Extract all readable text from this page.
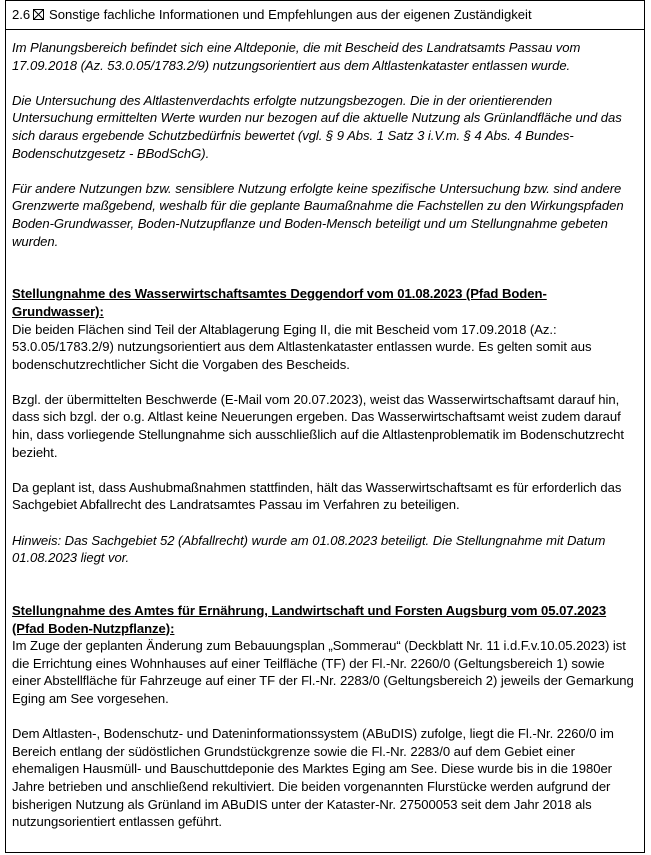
2.6 Sonstige fachliche Informationen und Empfehlungen aus der eigenen Zuständigkeit

Im Planungsbereich befindet sich eine Altdeponie, die mit Bescheid des Landratsamts Passau vom 17.09.2018 (Az. 53.0.05/1783.2/9) nutzungsorientiert aus dem Altlastenkataster entlassen wurde.

Die Untersuchung des Altlastenverdachts erfolgte nutzungsbezogen. Die in der orientierenden Untersuchung ermittelten Werte wurden nur bezogen auf die aktuelle Nutzung als Grünlandfläche und das sich daraus ergebende Schutzbedürfnis bewertet (vgl. § 9 Abs. 1 Satz 3 i.V.m. § 4 Abs. 4 Bundes-Bodenschutzgesetz - BBodSchG).

Für andere Nutzungen bzw. sensiblere Nutzung erfolgte keine spezifische Untersuchung bzw. sind andere Grenzwerte maßgebend, weshalb für die geplante Baumaßnahme die Fachstellen zu den Wirkungspfaden Boden-Grundwasser, Boden-Nutzupflanze und Boden-Mensch beteiligt und um Stellungnahme gebeten wurden.

Stellungnahme des Wasserwirtschaftsamtes Deggendorf vom 01.08.2023 (Pfad Boden-Grundwasser):

Die beiden Flächen sind Teil der Altablagerung Eging II, die mit Bescheid vom 17.09.2018 (Az.: 53.0.05/1783.2/9) nutzungsorientiert aus dem Altlastenkataster entlassen wurde. Es gelten somit aus bodenschutzrechtlicher Sicht die Vorgaben des Bescheids.

Bzgl. der übermittelten Beschwerde (E-Mail vom 20.07.2023), weist das Wasserwirtschaftsamt darauf hin, dass sich bzgl. der o.g. Altlast keine Neuerungen ergeben. Das Wasserwirtschaftsamt weist zudem darauf hin, dass vorliegende Stellungnahme sich ausschließlich auf die Altlastenproblematik im Bodenschutzrecht bezieht.

Da geplant ist, dass Aushubmaßnahmen stattfinden, hält das Wasserwirtschaftsamt es für erforderlich das Sachgebiet Abfallrecht des Landratsamtes Passau im Verfahren zu beteiligen.

Hinweis: Das Sachgebiet 52 (Abfallrecht) wurde am 01.08.2023 beteiligt. Die Stellungnahme mit Datum 01.08.2023 liegt vor.

Stellungnahme des Amtes für Ernährung, Landwirtschaft und Forsten Augsburg vom 05.07.2023 (Pfad Boden-Nutzpflanze):

Im Zuge der geplanten Änderung zum Bebauungsplan „Sommerau“ (Deckblatt Nr. 11 i.d.F.v.10.05.2023) ist die Errichtung eines Wohnhauses auf einer Teilfläche (TF) der Fl.-Nr. 2260/0 (Geltungsbereich 1) sowie einer Abstellfläche für Fahrzeuge auf einer TF der Fl.-Nr. 2283/0 (Geltungsbereich 2) jeweils der Gemarkung Eging am See vorgesehen.

Dem Altlasten-, Bodenschutz- und Dateninformationssystem (ABuDIS) zufolge, liegt die Fl.-Nr. 2260/0 im Bereich entlang der südöstlichen Grundstückgrenze sowie die Fl.-Nr. 2283/0 auf dem Gebiet einer ehemaligen Hausmüll- und Bauschuttdeponie des Marktes Eging am See. Diese wurde bis in die 1980er Jahre betrieben und anschließend rekultiviert. Die beiden vorgenannten Flurstücke werden aufgrund der bisherigen Nutzung als Grünland im ABuDIS unter der Kataster-Nr. 27500053 seit dem Jahr 2018 als nutzungsorientiert entlassen geführt.
